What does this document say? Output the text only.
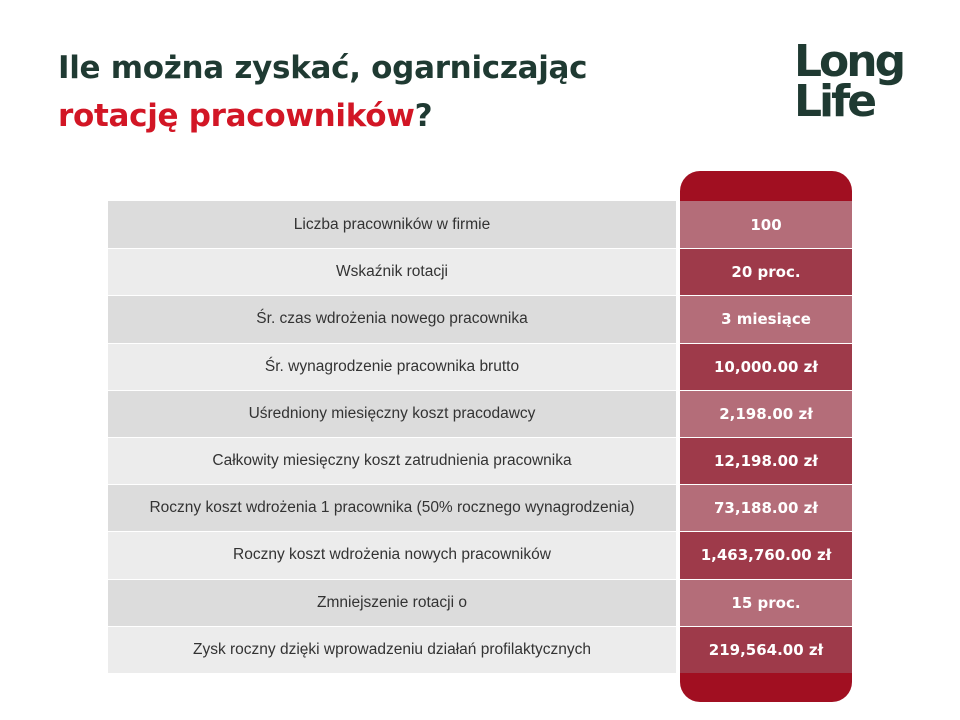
Ile można zyskać, ogarniczając
rotację pracowników?
Long
Life
Liczba pracowników w firmie	100
Wskaźnik rotacji	20 proc.
Śr. czas wdrożenia nowego pracownika	3 miesiące
Śr. wynagrodzenie pracownika brutto	10,000.00 zł
Uśredniony miesięczny koszt pracodawcy	2,198.00 zł
Całkowity miesięczny koszt zatrudnienia pracownika	12,198.00 zł
Roczny koszt wdrożenia 1 pracownika (50% rocznego wynagrodzenia)	73,188.00 zł
Roczny koszt wdrożenia nowych pracowników	1,463,760.00 zł
Zmniejszenie rotacji o	15 proc.
Zysk roczny dzięki wprowadzeniu działań profilaktycznych	219,564.00 zł
